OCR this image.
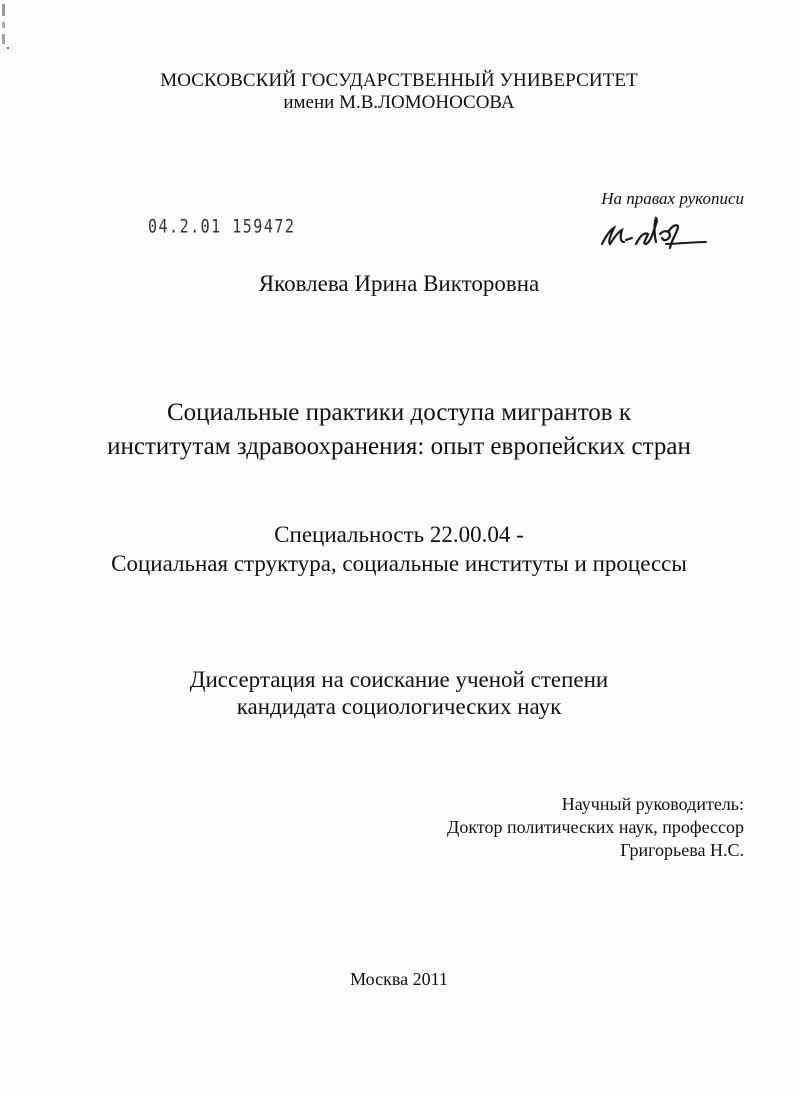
МОСКОВСКИЙ ГОСУДАРСТВЕННЫЙ УНИВЕРСИТЕТ
имени М.В.ЛОМОНОСОВА
На правах рукописи
04.2.01 159472
Яковлева Ирина Викторовна
Социальные практики доступа мигрантов к
институтам здравоохранения: опыт европейских стран
Специальность 22.00.04 -
Социальная структура, социальные институты и процессы
Диссертация на соискание ученой степени
кандидата социологических наук
Научный руководитель:
Доктор политических наук, профессор
Григорьева Н.С.
Москва 2011
